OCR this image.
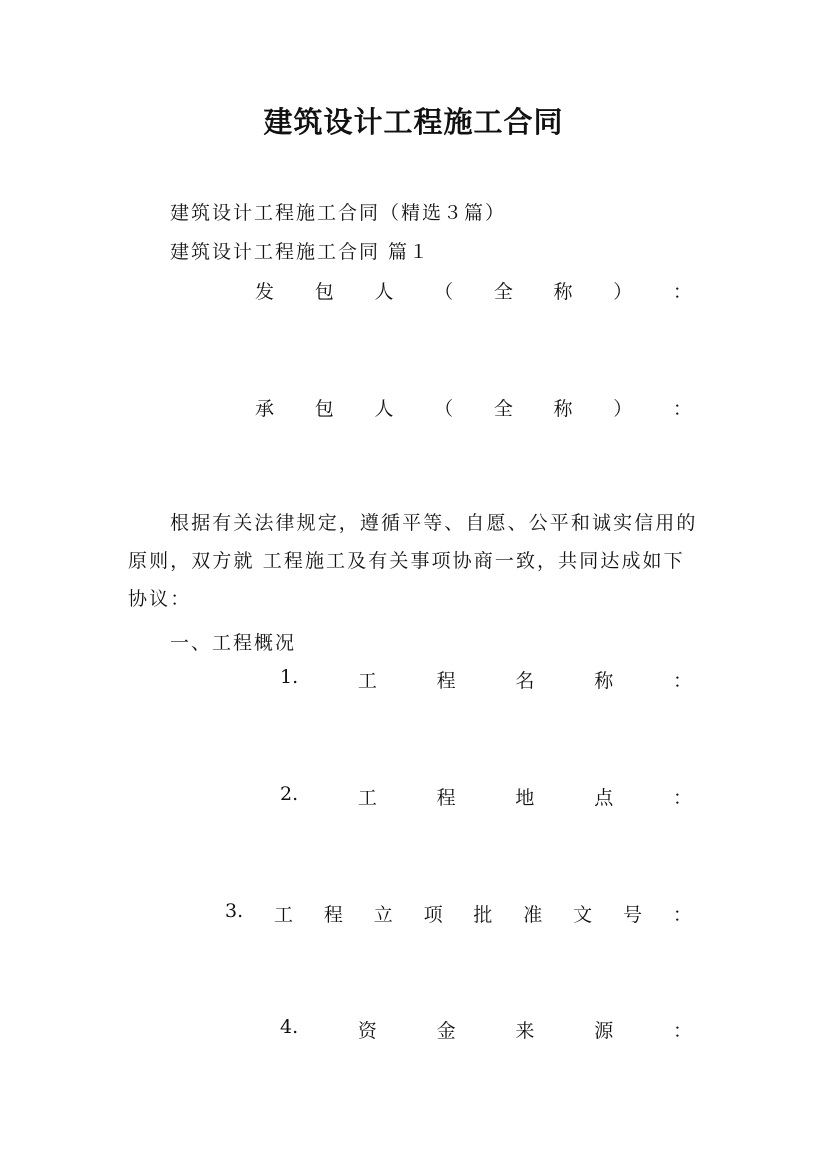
建筑设计工程施工合同
建筑设计工程施工合同（精选３篇）
建筑设计工程施工合同 篇１
发 包 人 （ 全 称 ） ：
承 包 人 （ 全 称 ） ：
根据有关法律规定，遵循平等、自愿、公平和诚实信用的原则，双方就 工程施工及有关事项协商一致，共同达成如下协议：
一、工程概况
1.	工	程	名	称	：
2.	工	程	地	点	：
3. 工 程 立 项 批 准 文 号 ：
4.	资	金	来	源	：
